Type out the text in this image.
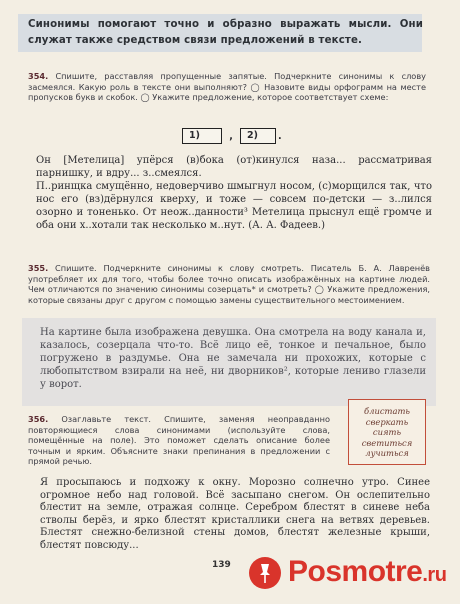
Синонимы помогают точно и образно выражать мысли. Они служат также средством связи предложений в тексте.
354. Спишите, расставляя пропущенные запятые. Подчеркните синонимы к слову засмеялся. Какую роль в тексте они выполняют? ◯ Назовите виды орфограмм на месте пропусков букв и скобок. ◯ Укажите предложение, которое соответствует схеме:
1)	,	2)	.
Он [Метелица] упёрся (в)бока (от)кинулся наза... рассматривая парнишку, и вдру... з..смеялся.
П..ринщка смущённо, недоверчиво шмыгнул носом, (с)морщился так, что нос его (вз)дёрнулся кверху, и тоже — совсем по-детски — з..лился озорно и тоненько. От неож..данности³ Метелица прыснул ещё громче и оба они х..хотали так несколько м..нут. (А. А. Фадеев.)
355. Спишите. Подчеркните синонимы к слову смотреть. Писатель Б. А. Лавренёв употребляет их для того, чтобы более точно описать изображённых на картине людей. Чем отличаются по значению синонимы созерцать* и смотреть? ◯ Укажите предложения, которые связаны друг с другом с помощью замены существительного местоимением.
На картине была изображена девушка. Она смотрела на воду канала и, казалось, созерцала что-то. Всё лицо её, тонкое и печальное, было погружено в раздумье. Она не замечала ни прохожих, которые с любопытством взирали на неё, ни дворников², которые лениво глазели у ворот.
356. Озаглавьте текст. Спишите, заменяя неоправданно повторяющиеся слова синонимами (используйте слова, помещённые на поле). Это поможет сделать описание более точным и ярким. Объясните знаки препинания в предложении с прямой речью.
блистать
сверкать
сиять
светиться
лучиться
Я просыпаюсь и подхожу к окну. Морозно солнечно утро. Синее огромное небо над головой. Всё засыпано снегом. Он ослепительно блестит на земле, отражая солнце. Серебром блестят в синеве неба стволы берёз, и ярко блестят кристаллики снега на ветвях деревьев. Блестят снежно-белизной стены домов, блестят железные крыши, блестят повсюду...
139 Posmotre.ru
